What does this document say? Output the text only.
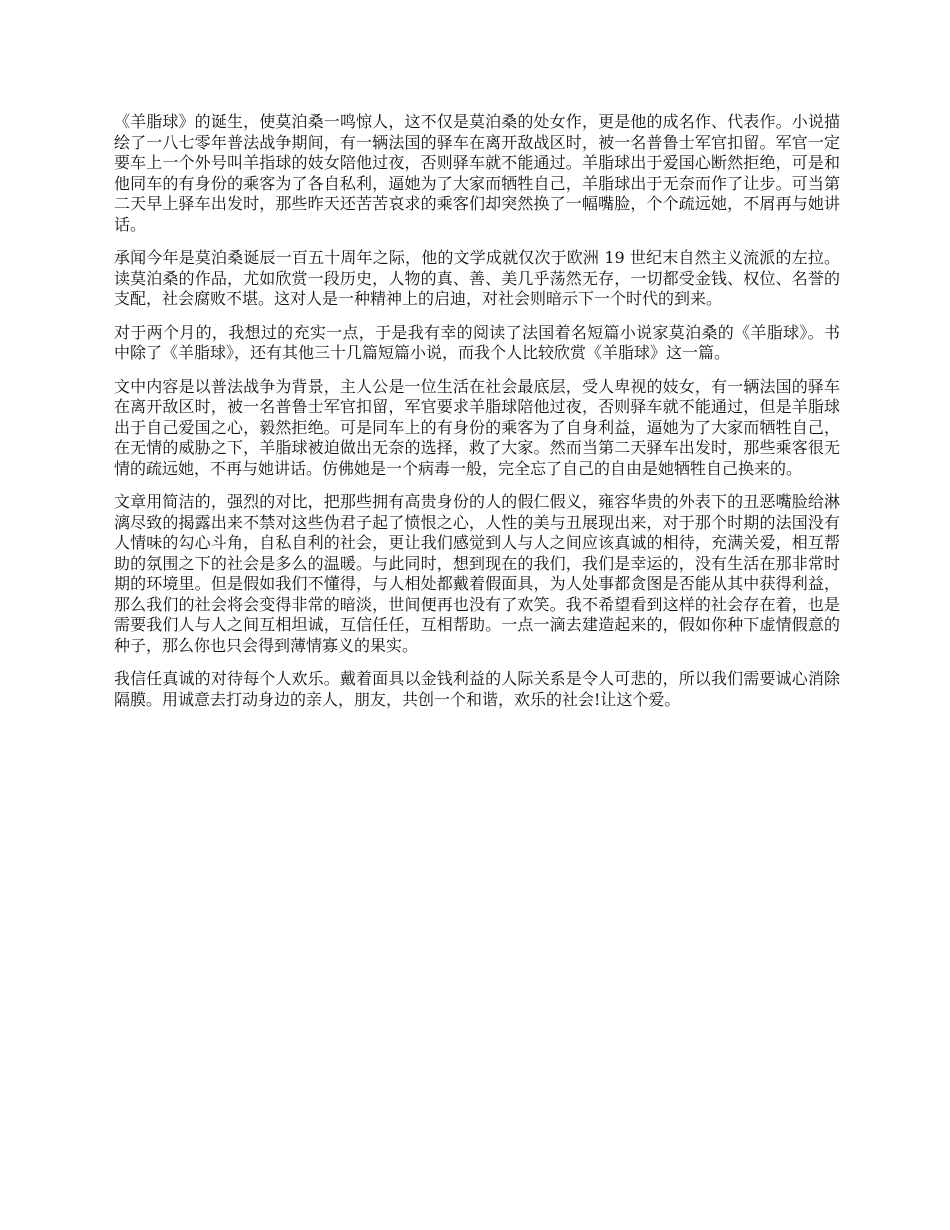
《羊脂球》的诞生，使莫泊桑一鸣惊人，这不仅是莫泊桑的处女作，更是他的成名作、代表作。小说描绘了一八七零年普法战争期间，有一辆法国的驿车在离开敌战区时，被一名普鲁士军官扣留。军官一定要车上一个外号叫羊指球的妓女陪他过夜，否则驿车就不能通过。羊脂球出于爱国心断然拒绝，可是和他同车的有身份的乘客为了各自私利，逼她为了大家而牺牲自己，羊脂球出于无奈而作了让步。可当第二天早上驿车出发时，那些昨天还苦苦哀求的乘客们却突然换了一幅嘴脸，个个疏远她，不屑再与她讲话。

承闻今年是莫泊桑诞辰一百五十周年之际，他的文学成就仅次于欧洲 19 世纪末自然主义流派的左拉。读莫泊桑的作品，尤如欣赏一段历史，人物的真、善、美几乎荡然无存，一切都受金钱、权位、名誉的支配，社会腐败不堪。这对人是一种精神上的启迪，对社会则暗示下一个时代的到来。

对于两个月的，我想过的充实一点，于是我有幸的阅读了法国着名短篇小说家莫泊桑的《羊脂球》。书中除了《羊脂球》，还有其他三十几篇短篇小说，而我个人比较欣赏《羊脂球》这一篇。

文中内容是以普法战争为背景，主人公是一位生活在社会最底层，受人卑视的妓女，有一辆法国的驿车在离开敌区时，被一名普鲁士军官扣留，军官要求羊脂球陪他过夜，否则驿车就不能通过，但是羊脂球出于自己爱国之心，毅然拒绝。可是同车上的有身份的乘客为了自身利益，逼她为了大家而牺牲自己，在无情的威胁之下，羊脂球被迫做出无奈的选择，救了大家。然而当第二天驿车出发时，那些乘客很无情的疏远她，不再与她讲话。仿佛她是一个病毒一般，完全忘了自己的自由是她牺牲自己换来的。

文章用简洁的，强烈的对比，把那些拥有高贵身份的人的假仁假义，雍容华贵的外表下的丑恶嘴脸给淋漓尽致的揭露出来不禁对这些伪君子起了愤恨之心，人性的美与丑展现出来，对于那个时期的法国没有人情味的勾心斗角，自私自利的社会，更让我们感觉到人与人之间应该真诚的相待，充满关爱，相互帮助的氛围之下的社会是多么的温暖。与此同时，想到现在的我们，我们是幸运的，没有生活在那非常时期的环境里。但是假如我们不懂得，与人相处都戴着假面具，为人处事都贪图是否能从其中获得利益，那么我们的社会将会变得非常的暗淡，世间便再也没有了欢笑。我不希望看到这样的社会存在着，也是需要我们人与人之间互相坦诚，互信任任，互相帮助。一点一滴去建造起来的，假如你种下虚情假意的种子，那么你也只会得到薄情寡义的果实。

我信任真诚的对待每个人欢乐。戴着面具以金钱利益的人际关系是令人可悲的，所以我们需要诚心消除隔膜。用诚意去打动身边的亲人，朋友，共创一个和谐，欢乐的社会!让这个爱。
